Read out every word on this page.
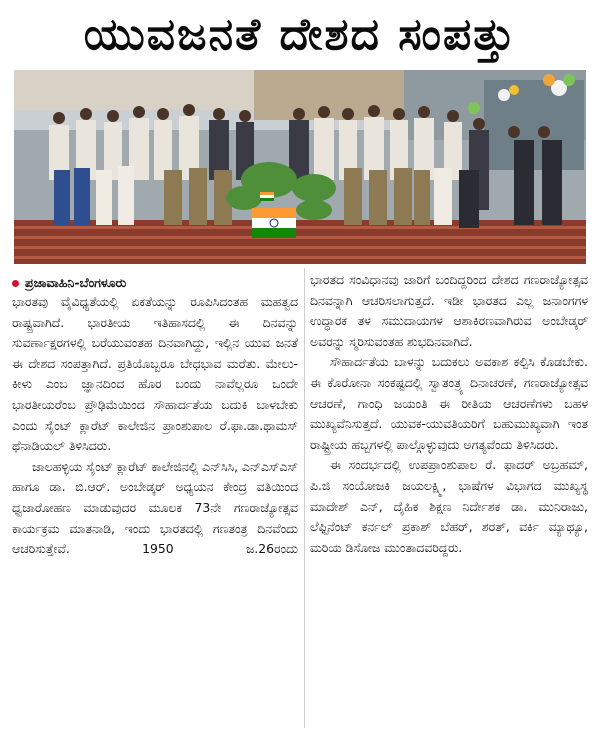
ಯುವಜನತೆ ದೇಶದ ಸಂಪತ್ತು
ಪ್ರಜಾವಾಹಿನಿ-ಬೆಂಗಳೂರು

ಭಾರತವು ವೈವಿಧ್ಯತೆಯಲ್ಲಿ ಏಕತೆಯನ್ನು ರೂಪಿಸಿದಂತಹ ಮಹತ್ವದ ರಾಷ್ಟ್ರವಾಗಿದೆ. ಭಾರತೀಯ ಇತಿಹಾಸದಲ್ಲಿ ಈ ದಿನವನ್ನು ಸುವರ್ಣಾಕ್ಷರಗಳಲ್ಲಿ ಬರೆಯುವಂತಹ ದಿನವಾಗಿದ್ದು, ಇಲ್ಲಿನ ಯುವ ಜನತೆ ಈ ದೇಶದ ಸಂಪತ್ತಾಗಿದೆ. ಪ್ರತಿಯೊಬ್ಬರೂ ಬೇಧಭಾವ ಮರೆತು. ಮೇಲು-ಕೀಳು ಎಂಬ ಜ್ಞಾನದಿಂದ ಹೊರ ಬಂದು ನಾವೆಲ್ಲರೂ ಒಂದೇ ಭಾರತೀಯರೆಂಬ ಪ್ರೌಢಿಮೆಯಿಂದ ಸೌಹಾರ್ದತೆಯ ಬದುಕಿ ಬಾಳಬೇಕು ಎಂದು ಸೈಂಟ್ ಕ್ಲಾರೆಟ್ ಕಾಲೇಜಿನ ಪ್ರಾಂಶುಪಾಲ ರೆ.ಫಾ.ಡಾ.ಥಾಮಸ್ ಥೆನಾಡಿಯಲ್ ತಿಳಿಸಿದರು.

ಜಾಲಹಳ್ಳಿಯ ಸೈಂಟ್ ಕ್ಲಾರೆಟ್ ಕಾಲೇಜಿನಲ್ಲಿ ಎನ್‌ಸಿಸಿ, ಎನ್‌ಎಸ್‌ಎಸ್ ಹಾಗೂ ಡಾ. ಬಿ.ಆರ್. ಅಂಬೇಡ್ಕರ್ ಅಧ್ಯಯನ ಕೇಂದ್ರ ವತಿಯಿಂದ ಧ್ವಜಾರೋಹಣ ಮಾಡುವುದರ ಮೂಲಕ 73ನೇ ಗಣರಾಜ್ಯೋತ್ಸವ ಕಾರ್ಯಕ್ರಮ ಮಾತನಾಡಿ, ಇಂದು ಭಾರತದಲ್ಲಿ ಗಣತಂತ್ರ ದಿನವೆಂದು ಆಚರಿಸುತ್ತೇವೆ. 1950 ಜ.26ರಂದು

ಭಾರತದ ಸಂವಿಧಾನವು ಜಾರಿಗೆ ಬಂದಿದ್ದರಿಂದ ದೇಶದ ಗಣರಾಜ್ಯೋತ್ಸವ ದಿನವನ್ನಾಗಿ ಆಚರಿಸಲಾಗುತ್ತದೆ. ಇಡೀ ಭಾರತದ ಎಲ್ಲ ಜನಾಂಗಗಳ ಉದ್ಧಾರಕ ತಳ ಸಮುದಾಯಗಳ ಆಶಾಕಿರಣವಾಗಿರುವ ಅಂಬೇಡ್ಕರ್ ಅವರನ್ನು ಸ್ಮರಿಸುವಂತಹ ಶುಭದಿನವಾಗಿದೆ.

ಸೌಹಾರ್ದತೆಯ ಬಾಳನ್ನು ಬದುಕಲು ಅವಕಾಶ ಕಲ್ಪಿಸಿ ಕೊಡಬೇಕು. ಈ ಕೊರೋನಾ ಸಂಕಷ್ಟದಲ್ಲಿ ಸ್ವಾತಂತ್ರ್ಯ ದಿನಾಚರಣೆ, ಗಣರಾಜ್ಯೋತ್ಸವ ಆಚರಣೆ, ಗಾಂಧಿ ಜಯಂತಿ ಈ ರೀತಿಯ ಆಚರಣೆಗಳು ಬಹಳ ಮುಖ್ಯವೆನಿಸುತ್ತದೆ. ಯುವಕ-ಯುವತಿಯರಿಗೆ ಬಹುಮುಖ್ಯವಾಗಿ ಇಂತ ರಾಷ್ಟ್ರೀಯ ಹಬ್ಬಗಳಲ್ಲಿ ಪಾಲ್ಗೊಳ್ಳುವುದು ಅಗತ್ಯವೆಂದು ತಿಳಿಸಿದರು.

ಈ ಸಂದರ್ಭದಲ್ಲಿ ಉಪಪ್ರಾಂಶುಪಾಲ ರೆ. ಫಾದರ್ ಅಬ್ರಹಮ್, ಪಿ.ಜಿ ಸಂಯೋಜಕಿ ಜಯಲಕ್ಷ್ಮಿ, ಭಾಷೆಗಳ ವಿಭಾಗದ ಮುಖ್ಯಸ್ಥ ಮಾದೇಶ್ ಎನ್, ದೈಹಿಕ ಶಿಕ್ಷಣ ನಿರ್ದೇಶಕ ಡಾ. ಮುನಿರಾಜು, ಲೆಫ್ಟಿನೆಂಟ್ ಕರ್ನಲ್ ಪ್ರಕಾಶ್ ಬೆಹರ್, ಶರತ್, ವರ್ಕಿ ಮ್ಯಾಥ್ಯೂ, ಮರಿಯ ಡಿಸೋಜ ಮುಂತಾದವರಿದ್ದರು.
